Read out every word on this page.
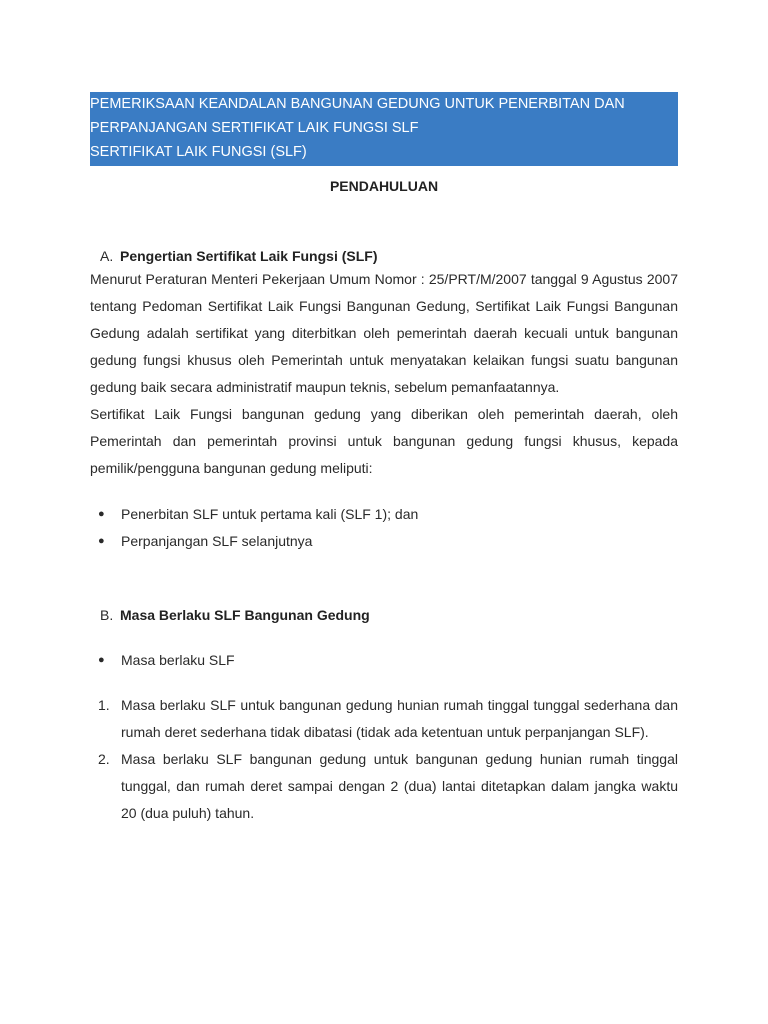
PEMERIKSAAN KEANDALAN BANGUNAN GEDUNG UNTUK PENERBITAN DAN
PERPANJANGAN SERTIFIKAT LAIK FUNGSI SLF
SERTIFIKAT LAIK FUNGSI (SLF)
PENDAHULUAN
A. Pengertian Sertifikat Laik Fungsi (SLF)

Menurut Peraturan Menteri Pekerjaan Umum Nomor : 25/PRT/M/2007 tanggal 9 Agustus 2007 tentang Pedoman Sertifikat Laik Fungsi Bangunan Gedung, Sertifikat Laik Fungsi Bangunan Gedung adalah sertifikat yang diterbitkan oleh pemerintah daerah kecuali untuk bangunan gedung fungsi khusus oleh Pemerintah untuk menyatakan kelaikan fungsi suatu bangunan gedung baik secara administratif maupun teknis, sebelum pemanfaatannya.

Sertifikat Laik Fungsi bangunan gedung yang diberikan oleh pemerintah daerah, oleh Pemerintah dan pemerintah provinsi untuk bangunan gedung fungsi khusus, kepada pemilik/pengguna bangunan gedung meliputi:

●	Penerbitan SLF untuk pertama kali (SLF 1); dan
●	Perpanjangan SLF selanjutnya
B. Masa Berlaku SLF Bangunan Gedung
●	Masa berlaku SLF
1. Masa berlaku SLF untuk bangunan gedung hunian rumah tinggal tunggal sederhana dan rumah deret sederhana tidak dibatasi (tidak ada ketentuan untuk perpanjangan SLF).
2. Masa berlaku SLF bangunan gedung untuk bangunan gedung hunian rumah tinggal tunggal, dan rumah deret sampai dengan 2 (dua) lantai ditetapkan dalam jangka waktu 20 (dua puluh) tahun.
